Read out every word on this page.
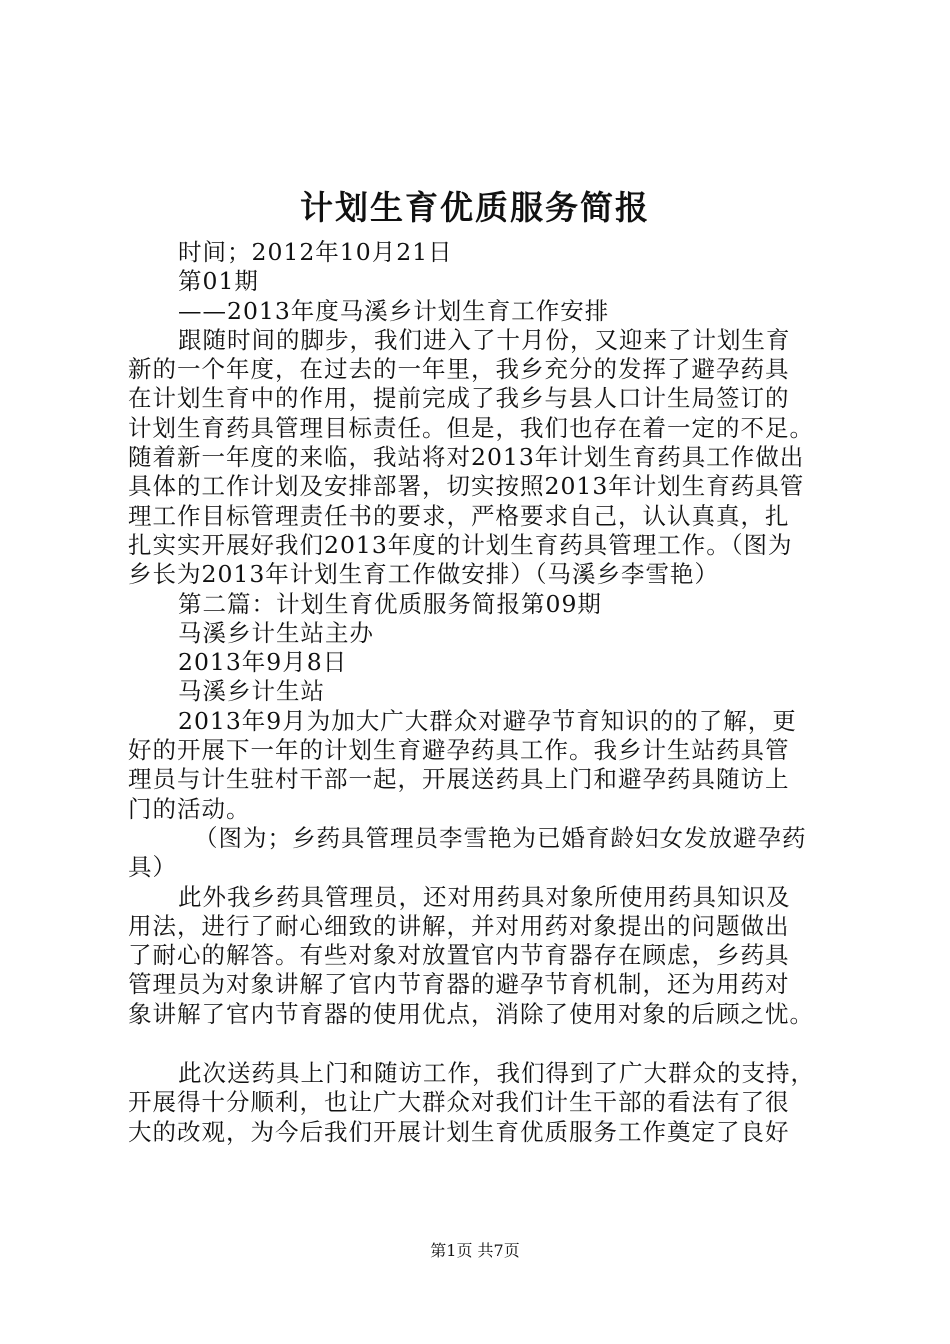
计划生育优质服务简报
时间；2012年10月21日
第01期
——2013年度马溪乡计划生育工作安排
跟随时间的脚步，我们进入了十月份，又迎来了计划生育
新的一个年度，在过去的一年里，我乡充分的发挥了避孕药具
在计划生育中的作用，提前完成了我乡与县人口计生局签订的
计划生育药具管理目标责任。但是，我们也存在着一定的不足。
随着新一年度的来临，我站将对2013年计划生育药具工作做出
具体的工作计划及安排部署，切实按照2013年计划生育药具管
理工作目标管理责任书的要求，严格要求自己，认认真真，扎
扎实实开展好我们2013年度的计划生育药具管理工作。（图为
乡长为2013年计划生育工作做安排）（马溪乡李雪艳）
第二篇：计划生育优质服务简报第09期
马溪乡计生站主办
2013年9月8日
马溪乡计生站
2013年9月为加大广大群众对避孕节育知识的的了解，更
好的开展下一年的计划生育避孕药具工作。我乡计生站药具管
理员与计生驻村干部一起，开展送药具上门和避孕药具随访上
门的活动。
（图为；乡药具管理员李雪艳为已婚育龄妇女发放避孕药
具）
此外我乡药具管理员，还对用药具对象所使用药具知识及
用法，进行了耐心细致的讲解，并对用药对象提出的问题做出
了耐心的解答。有些对象对放置官内节育器存在顾虑，乡药具
管理员为对象讲解了官内节育器的避孕节育机制，还为用药对
象讲解了官内节育器的使用优点，消除了使用对象的后顾之忧。
此次送药具上门和随访工作，我们得到了广大群众的支持，
开展得十分顺利，也让广大群众对我们计生干部的看法有了很
大的改观，为今后我们开展计划生育优质服务工作奠定了良好
第1页 共7页
